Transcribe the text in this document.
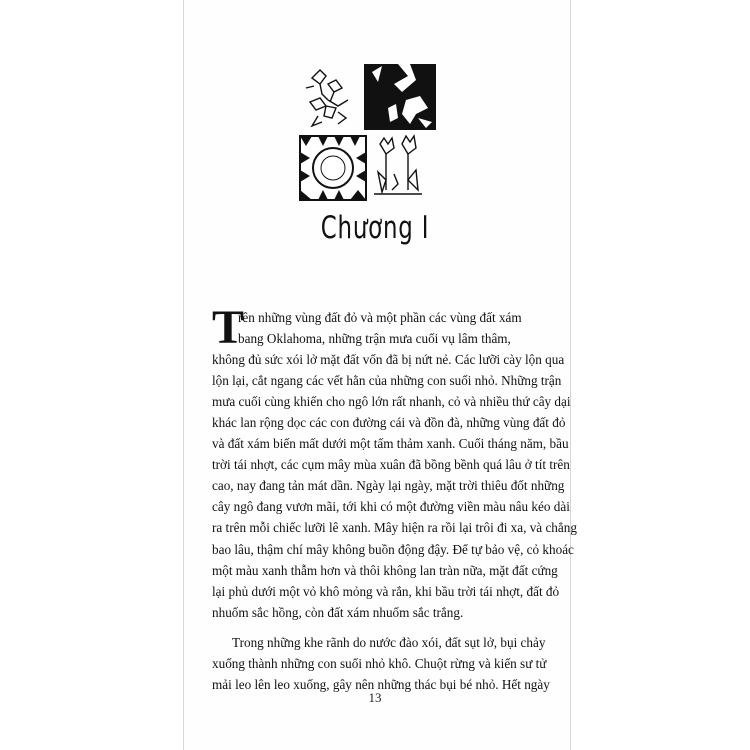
Chương I
T

rên những vùng đất đỏ và một phần các vùng đất xám
bang Oklahoma, những trận mưa cuối vụ lâm thâm,
không đủ sức xói lở mặt đất vốn đã bị nứt nẻ. Các lưỡi cày lộn qua
lộn lại, cắt ngang các vết hằn của những con suối nhỏ. Những trận
mưa cuối cùng khiến cho ngô lớn rất nhanh, cỏ và nhiều thứ cây dại
khác lan rộng dọc các con đường cái và đồn đà, những vùng đất đỏ
và đất xám biến mất dưới một tấm thảm xanh. Cuối tháng năm, bầu
trời tái nhợt, các cụm mây mùa xuân đã bồng bềnh quá lâu ở tít trên
cao, nay đang tản mát dần. Ngày lại ngày, mặt trời thiêu đốt những
cây ngô đang vươn mãi, tới khi có một đường viền màu nâu kéo dài
ra trên mỗi chiếc lưỡi lê xanh. Mây hiện ra rồi lại trôi đi xa, và chẳng
bao lâu, thậm chí mây không buồn động đậy. Để tự bảo vệ, cỏ khoác
một màu xanh thẫm hơn và thôi không lan tràn nữa, mặt đất cứng
lại phủ dưới một vỏ khô mỏng và rắn, khi bầu trời tái nhợt, đất đỏ
nhuốm sắc hồng, còn đất xám nhuốm sắc trắng.

Trong những khe rãnh do nước đào xói, đất sụt lở, bụi chảy
xuống thành những con suối nhỏ khô. Chuột rừng và kiến sư tử
mải leo lên leo xuống, gây nên những thác bụi bé nhỏ. Hết ngày

13
